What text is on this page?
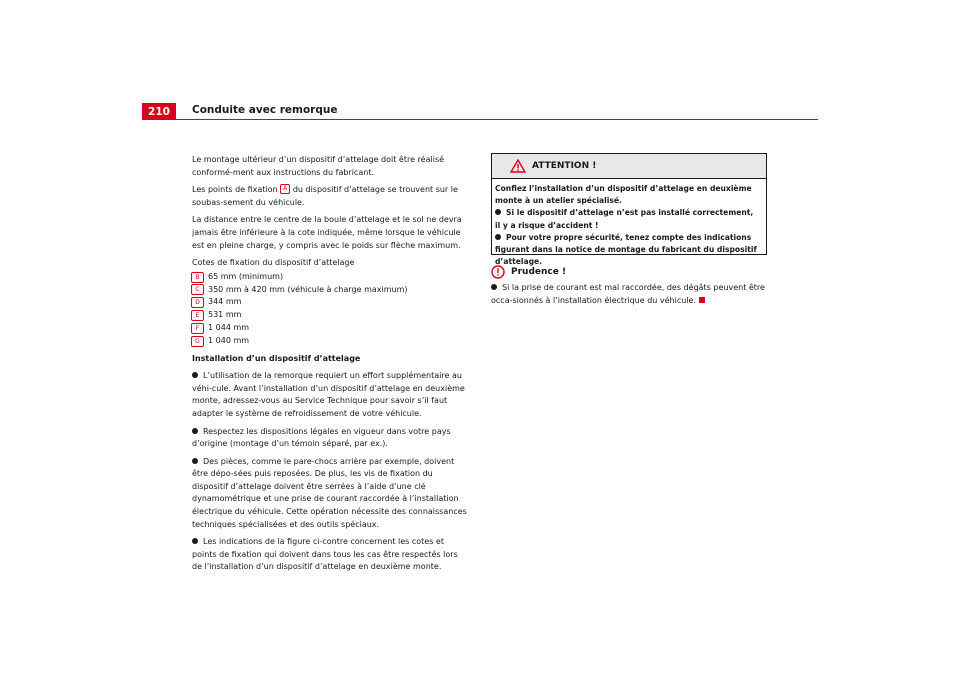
210	Conduite avec remorque

Le montage ultérieur d’un dispositif d’attelage doit être réalisé conformé-ment aux instructions du fabricant.

Les points de fixation A du dispositif d’attelage se trouvent sur le soubas-sement du véhicule.

La distance entre le centre de la boule d’attelage et le sol ne devra jamais être inférieure à la cote indiquée, même lorsque le véhicule est en pleine charge, y compris avec le poids sur flèche maximum.

Cotes de fixation du dispositif d’attelage

B	65 mm (minimum)
C	350 mm à 420 mm (véhicule à charge maximum)
D	344 mm
E	531 mm
F	1 044 mm
G	1 040 mm

Installation d’un dispositif d’attelage

L’utilisation de la remorque requiert un effort supplémentaire au véhi-cule. Avant l’installation d’un dispositif d’attelage en deuxième monte, adressez-vous au Service Technique pour savoir s’il faut adapter le système de refroidissement de votre véhicule.

Respectez les dispositions légales en vigueur dans votre pays d’origine (montage d’un témoin séparé, par ex.).

Des pièces, comme le pare-chocs arrière par exemple, doivent être dépo-sées puis reposées. De plus, les vis de fixation du dispositif d’attelage doivent être serrées à l’aide d’une clé dynamométrique et une prise de courant raccordée à l’installation électrique du véhicule. Cette opération nécessite des connaissances techniques spécialisées et des outils spéciaux.

Les indications de la figure ci-contre concernent les cotes et points de fixation qui doivent dans tous les cas être respectés lors de l’installation d’un dispositif d’attelage en deuxième monte.

ATTENTION !

Confiez l’installation d’un dispositif d’attelage en deuxième monte à un atelier spécialisé.

Si le dispositif d’attelage n’est pas installé correctement, il y a risque d’accident !

Pour votre propre sécurité, tenez compte des indications figurant dans la notice de montage du fabricant du dispositif d’attelage.

Prudence !

Si la prise de courant est mal raccordée, des dégâts peuvent être occa-sionnés à l’installation électrique du véhicule.
